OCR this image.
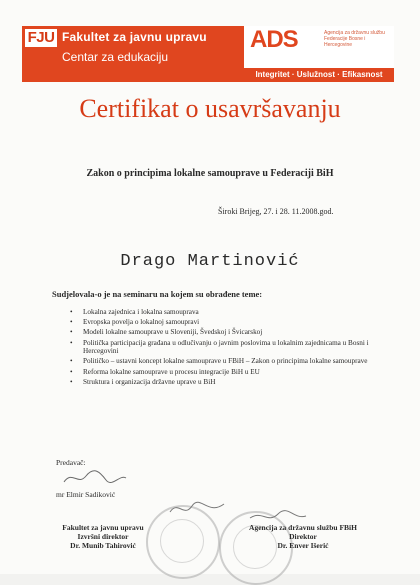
FJU Fakultet za javnu upravu
Centar za edukaciju
ADS	Agencija za državnu službu Federacije Bosne i Hercegovine
Integritet · Uslužnost · Efikasnost
Certifikat o usavršavanju
Zakon o principima lokalne samouprave u Federaciji BiH
Široki Brijeg, 27. i 28. 11.2008.god.
Drago Martinović
Sudjelovala-o je na seminaru na kojem su obrađene teme:
• Lokalna zajednica i lokalna samouprava
• Evropska povelja o lokalnoj samoupravi
• Modeli lokalne samouprave u Sloveniji, Švedskoj i Švicarskoj
• Politička participacija građana u odlučivanju o javnim poslovima u lokalnim zajednicama u Bosni i Hercegovini
• Političko – ustavni koncept lokalne samouprave u FBiH – Zakon o principima lokalne samouprave
• Reforma lokalne samouprave u procesu integracije BiH u EU
• Struktura i organizacija državne uprave u BiH
Predavač:
mr Elmir Sadiković
Fakultet za javnu upravu
Izvršni direktor
Dr. Munib Tahirović
Agencija za državnu službu FBiH
Direktor
Dr. Enver Išerić
